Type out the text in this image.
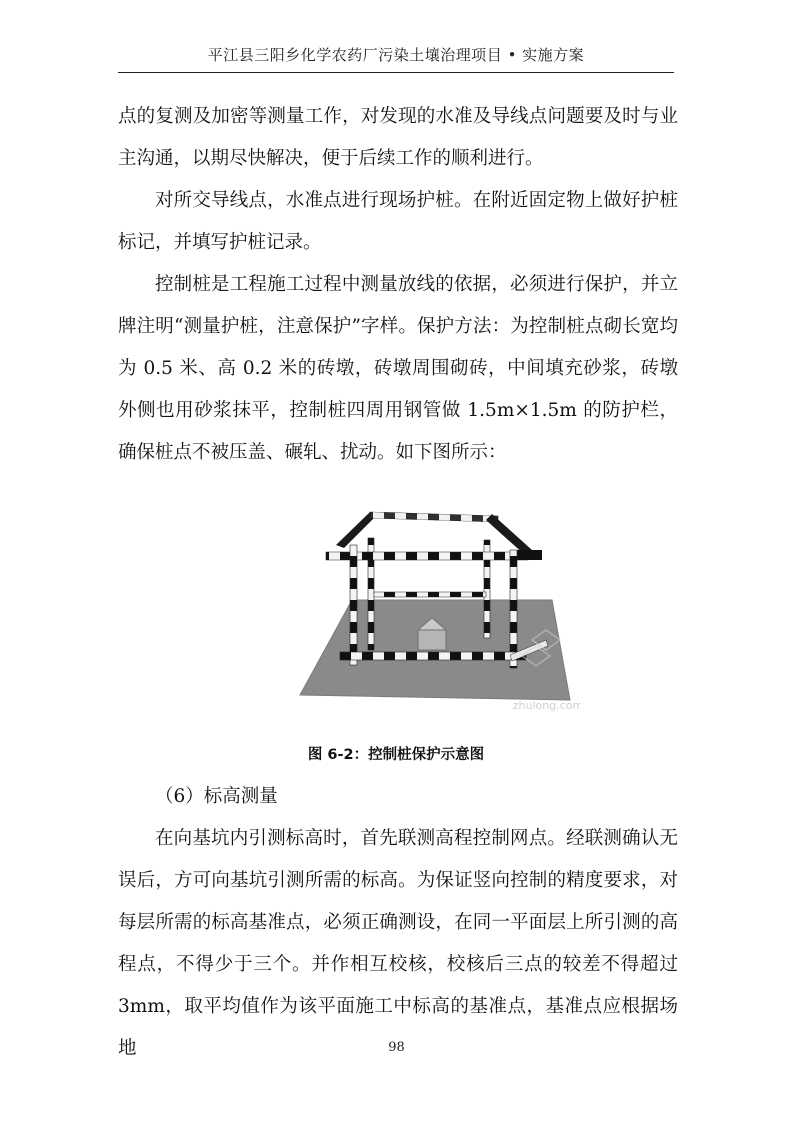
平江县三阳乡化学农药厂污染土壤治理项目 • 实施方案

点的复测及加密等测量工作，对发现的水准及导线点问题要及时与业主沟通，以期尽快解决，便于后续工作的顺利进行。

对所交导线点，水准点进行现场护桩。在附近固定物上做好护桩标记，并填写护桩记录。

控制桩是工程施工过程中测量放线的依据，必须进行保护，并立牌注明“测量护桩，注意保护”字样。保护方法：为控制桩点砌长宽均为 0.5 米、高 0.2 米的砖墩，砖墩周围砌砖，中间填充砂浆，砖墩外侧也用砂浆抹平，控制桩四周用钢管做 1.5m×1.5m 的防护栏，确保桩点不被压盖、碾轧、扰动。如下图所示：

zhulong.com
图 6-2：控制桩保护示意图

（6）标高测量

在向基坑内引测标高时，首先联测高程控制网点。经联测确认无误后，方可向基坑引测所需的标高。为保证竖向控制的精度要求，对每层所需的标高基准点，必须正确测设，在同一平面层上所引测的高程点，不得少于三个。并作相互校核，校核后三点的较差不得超过 3mm，取平均值作为该平面施工中标高的基准点，基准点应根据场地	98
